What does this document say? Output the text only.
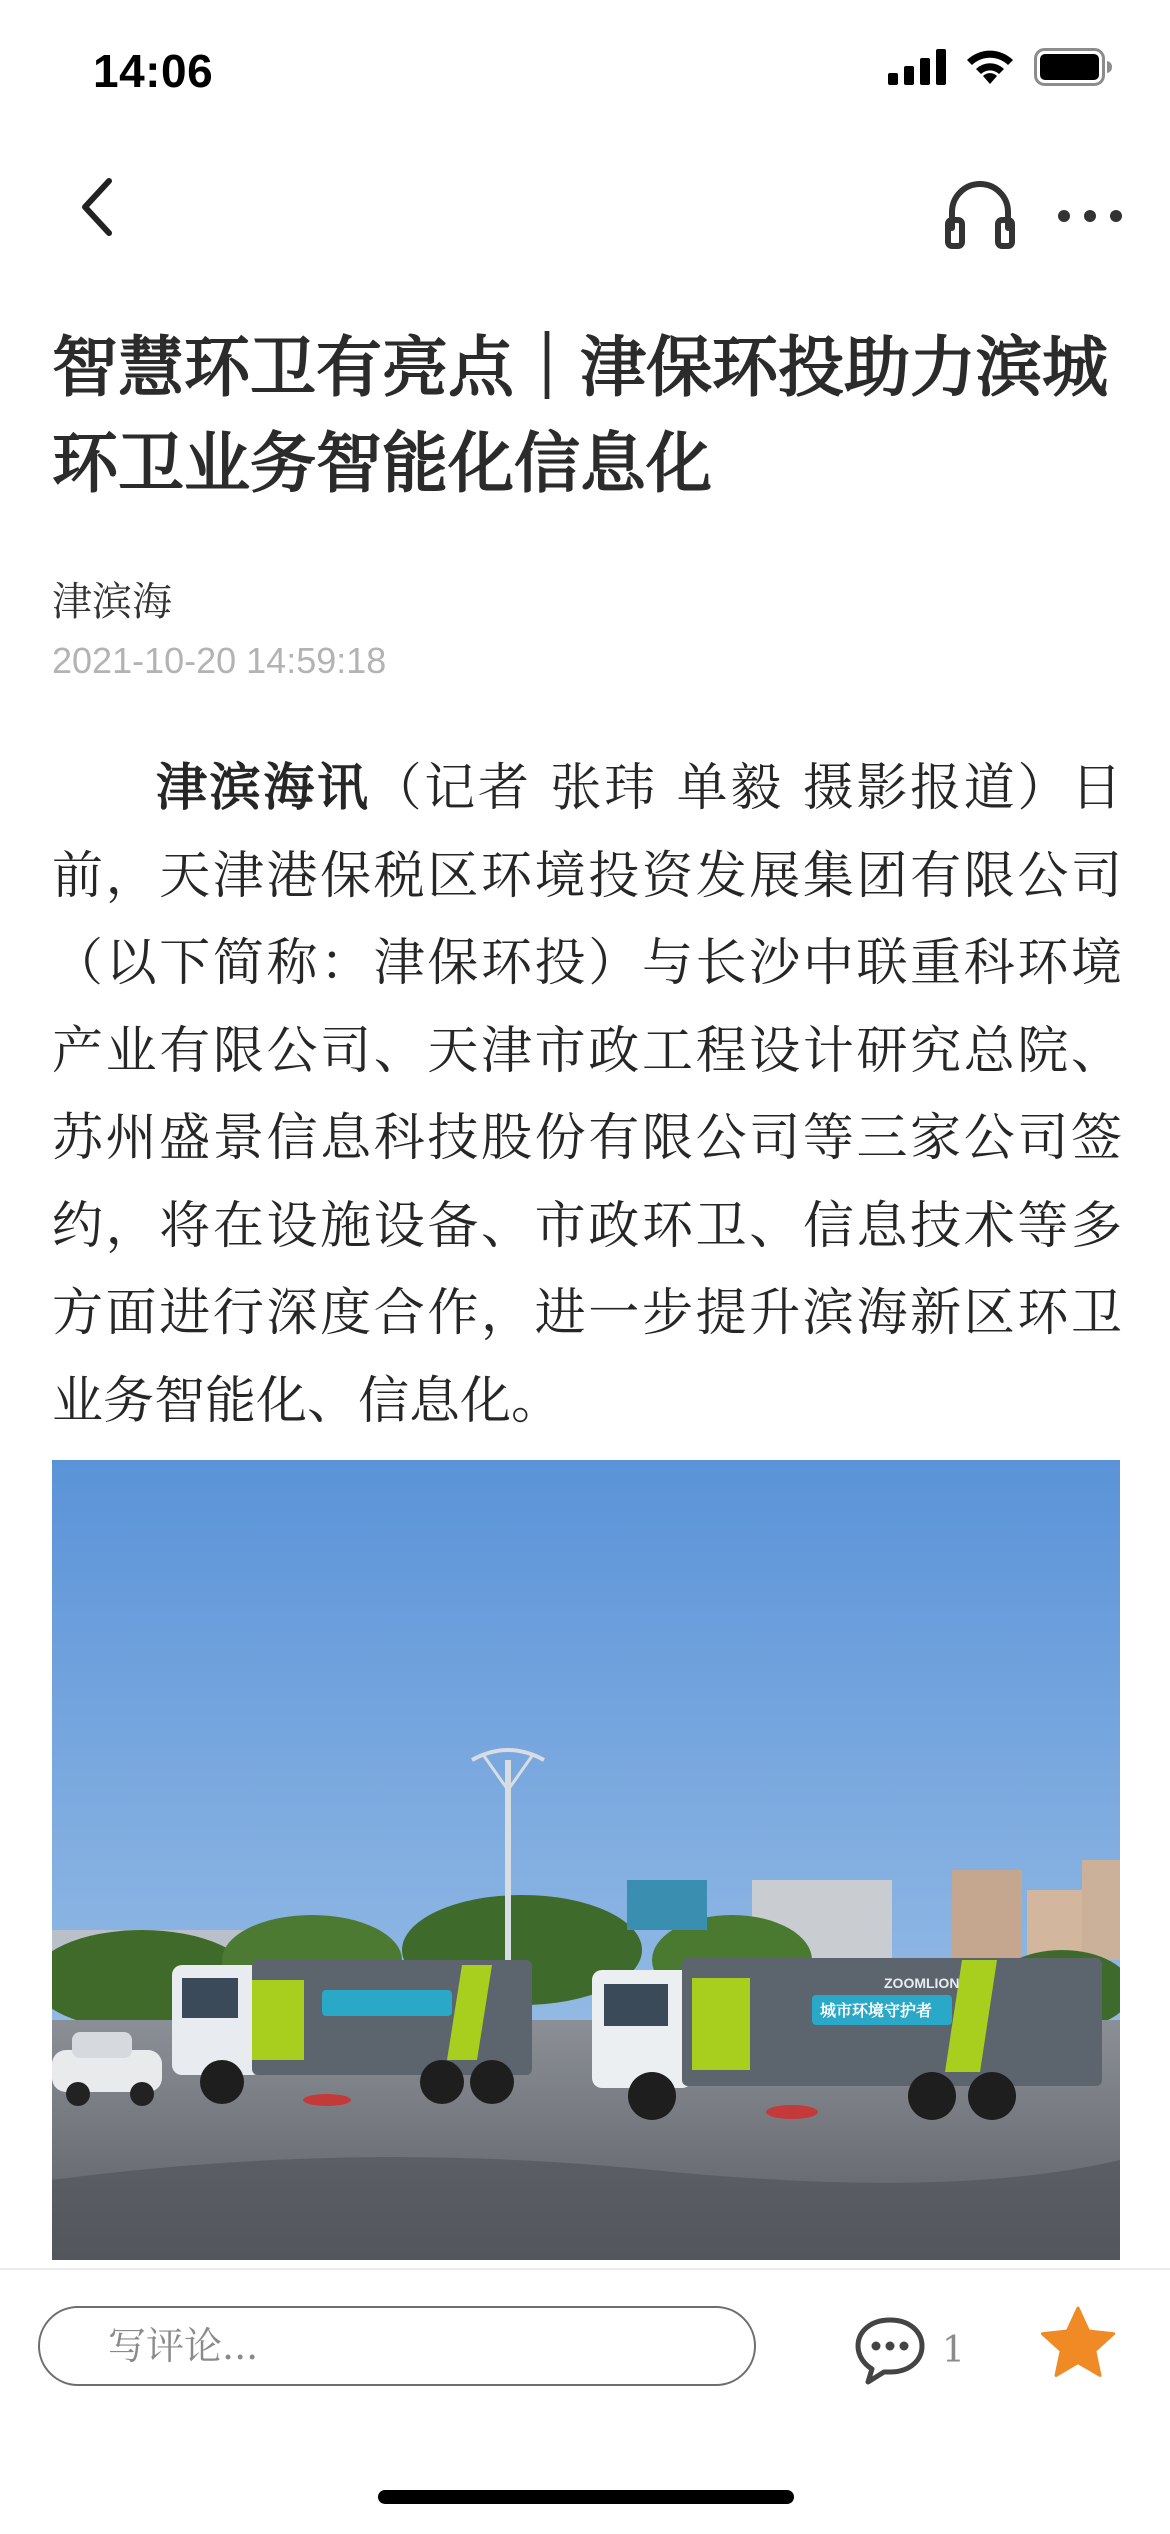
14:06
智慧环卫有亮点｜津保环投助力滨城环卫业务智能化信息化
津滨海
2021-10-20 14:59:18

津滨海讯（记者 张玮 单毅 摄影报道）日前，天津港保税区环境投资发展集团有限公司（以下简称：津保环投）与长沙中联重科环境产业有限公司、天津市政工程设计研究总院、苏州盛景信息科技股份有限公司等三家公司签约，将在设施设备、市政环卫、信息技术等多方面进行深度合作，进一步提升滨海新区环卫业务智能化、信息化。

ZOOMLION
城市环境守护者
写评论...
1
